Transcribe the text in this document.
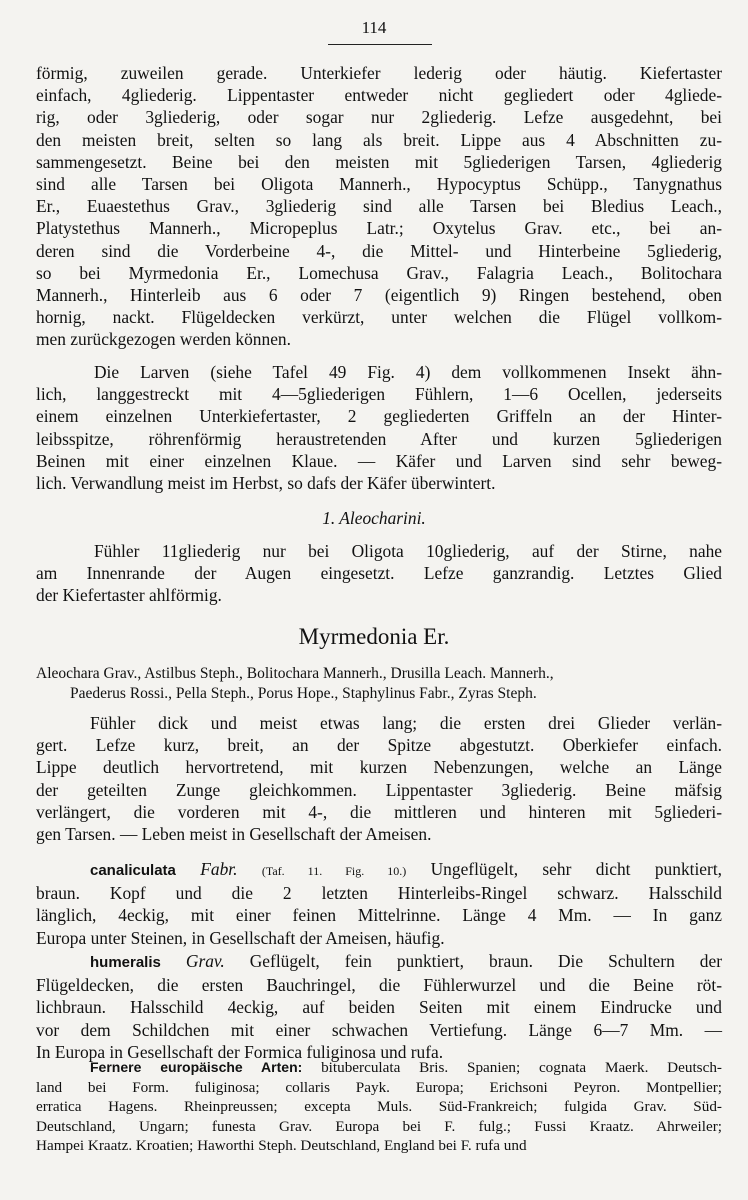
114
förmig, zuweilen gerade. Unterkiefer lederig oder häutig. Kiefertaster
einfach, 4gliederig. Lippentaster entweder nicht gegliedert oder 4gliede-
rig, oder 3gliederig, oder sogar nur 2gliederig. Lefze ausgedehnt, bei
den meisten breit, selten so lang als breit. Lippe aus 4 Abschnitten zu-
sammengesetzt. Beine bei den meisten mit 5gliederigen Tarsen, 4gliederig
sind alle Tarsen bei Oligota Mannerh., Hypocyptus Schüpp., Tanygnathus
Er., Euaestethus Grav., 3gliederig sind alle Tarsen bei Bledius Leach.,
Platystethus Mannerh., Micropeplus Latr.; Oxytelus Grav. etc., bei an-
deren sind die Vorderbeine 4-, die Mittel- und Hinterbeine 5gliederig,
so bei Myrmedonia Er., Lomechusa Grav., Falagria Leach., Bolitochara
Mannerh., Hinterleib aus 6 oder 7 (eigentlich 9) Ringen bestehend, oben
hornig, nackt. Flügeldecken verkürzt, unter welchen die Flügel vollkom-
men zurückgezogen werden können.
Die Larven (siehe Tafel 49 Fig. 4) dem vollkommenen Insekt ähn-
lich, langgestreckt mit 4—5gliederigen Fühlern, 1—6 Ocellen, jederseits
einem einzelnen Unterkiefertaster, 2 gegliederten Griffeln an der Hinter-
leibsspitze, röhrenförmig heraustretenden After und kurzen 5gliederigen
Beinen mit einer einzelnen Klaue. — Käfer und Larven sind sehr beweg-
lich. Verwandlung meist im Herbst, so dafs der Käfer überwintert.
1. Aleocharini.
Fühler 11gliederig nur bei Oligota 10gliederig, auf der Stirne, nahe
am Innenrande der Augen eingesetzt. Lefze ganzrandig. Letztes Glied
der Kiefertaster ahlförmig.
Myrmedonia Er.
Aleochara Grav., Astilbus Steph., Bolitochara Mannerh., Drusilla Leach. Mannerh.,
Paederus Rossi., Pella Steph., Porus Hope., Staphylinus Fabr., Zyras Steph.
Fühler dick und meist etwas lang; die ersten drei Glieder verlän-
gert. Lefze kurz, breit, an der Spitze abgestutzt. Oberkiefer einfach.
Lippe deutlich hervortretend, mit kurzen Nebenzungen, welche an Länge
der geteilten Zunge gleichkommen. Lippentaster 3gliederig. Beine mäfsig
verlängert, die vorderen mit 4-, die mittleren und hinteren mit 5gliederi-
gen Tarsen. — Leben meist in Gesellschaft der Ameisen.
canaliculata Fabr. (Taf. 11. Fig. 10.) Ungeflügelt, sehr dicht punktiert,
braun. Kopf und die 2 letzten Hinterleibs-Ringel schwarz. Halsschild
länglich, 4eckig, mit einer feinen Mittelrinne. Länge 4 Mm. — In ganz
Europa unter Steinen, in Gesellschaft der Ameisen, häufig.
humeralis Grav. Geflügelt, fein punktiert, braun. Die Schultern der
Flügeldecken, die ersten Bauchringel, die Fühlerwurzel und die Beine röt-
lichbraun. Halsschild 4eckig, auf beiden Seiten mit einem Eindrucke und
vor dem Schildchen mit einer schwachen Vertiefung. Länge 6—7 Mm. —
In Europa in Gesellschaft der Formica fuliginosa und rufa.
Fernere europäische Arten: bituberculata Bris. Spanien; cognata Maerk. Deutsch-
land bei Form. fuliginosa; collaris Payk. Europa; Erichsoni Peyron. Montpellier;
erratica Hagens. Rheinpreussen; excepta Muls. Süd-Frankreich; fulgida Grav. Süd-
Deutschland, Ungarn; funesta Grav. Europa bei F. fulg.; Fussi Kraatz. Ahrweiler;
Hampei Kraatz. Kroatien; Haworthi Steph. Deutschland, England bei F. rufa und
